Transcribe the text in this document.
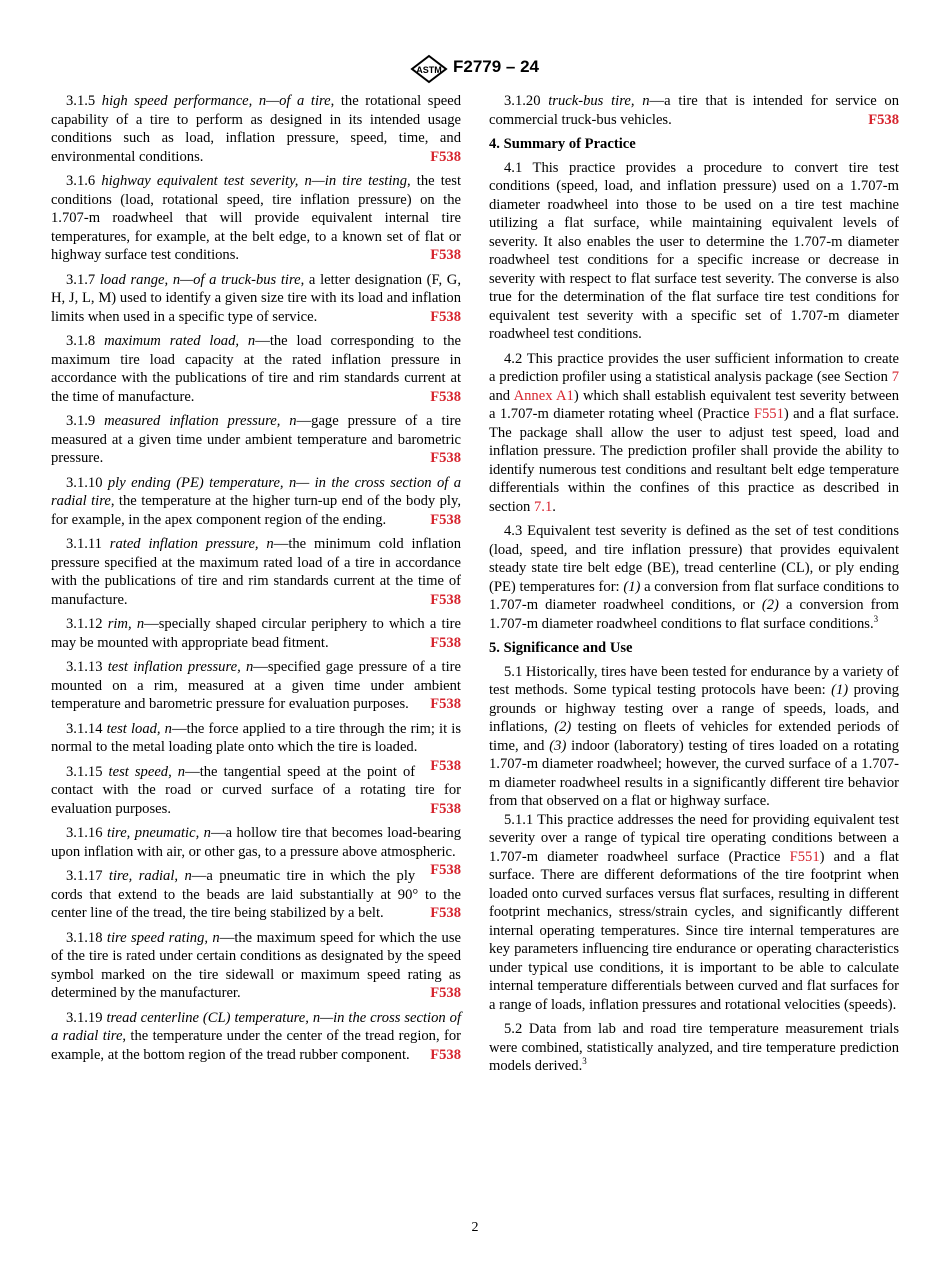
ASTM F2779 – 24

3.1.5 high speed performance, n—of a tire, the rotational speed capability of a tire to perform as designed in its intended usage conditions such as load, inflation pressure, speed, time, and environmental conditions.	F538

3.1.6 highway equivalent test severity, n—in tire testing, the test conditions (load, rotational speed, tire inflation pressure) on the 1.707-m roadwheel that will provide equivalent internal tire temperatures, for example, at the belt edge, to a known set of flat or highway surface test conditions.	F538

3.1.7 load range, n—of a truck-bus tire, a letter designation (F, G, H, J, L, M) used to identify a given size tire with its load and inflation limits when used in a specific type of service.	F538

3.1.8 maximum rated load, n—the load corresponding to the maximum tire load capacity at the rated inflation pressure in accordance with the publications of tire and rim standards current at the time of manufacture.	F538

3.1.9 measured inflation pressure, n—gage pressure of a tire measured at a given time under ambient temperature and barometric pressure.	F538

3.1.10 ply ending (PE) temperature, n— in the cross section of a radial tire, the temperature at the higher turn-up end of the body ply, for example, in the apex component region of the ending.	F538

3.1.11 rated inflation pressure, n—the minimum cold inflation pressure specified at the maximum rated load of a tire in accordance with the publications of tire and rim standards current at the time of manufacture.	F538

3.1.12 rim, n—specially shaped circular periphery to which a tire may be mounted with appropriate bead fitment.	F538

3.1.13 test inflation pressure, n—specified gage pressure of a tire mounted on a rim, measured at a given time under ambient temperature and barometric pressure for evaluation purposes.	F538

3.1.14 test load, n—the force applied to a tire through the rim; it is normal to the metal loading plate onto which the tire is loaded.
F538

3.1.15 test speed, n—the tangential speed at the point of contact with the road or curved surface of a rotating tire for evaluation purposes.	F538

3.1.16 tire, pneumatic, n—a hollow tire that becomes load-bearing upon inflation with air, or other gas, to a pressure above atmospheric.
F538

3.1.17 tire, radial, n—a pneumatic tire in which the ply cords that extend to the beads are laid substantially at 90° to the center line of the tread, the tire being stabilized by a belt.	F538

3.1.18 tire speed rating, n—the maximum speed for which the use of the tire is rated under certain conditions as designated by the speed symbol marked on the tire sidewall or maximum speed rating as determined by the manufacturer.	F538

3.1.19 tread centerline (CL) temperature, n—in the cross section of a radial tire, the temperature under the center of the tread region, for example, at the bottom region of the tread rubber component.	F538

3.1.20 truck-bus tire, n—a tire that is intended for service on commercial truck-bus vehicles.	F538

4. Summary of Practice

4.1 This practice provides a procedure to convert tire test conditions (speed, load, and inflation pressure) used on a 1.707-m diameter roadwheel into those to be used on a tire test machine utilizing a flat surface, while maintaining equivalent levels of severity. It also enables the user to determine the 1.707-m diameter roadwheel test conditions for a specific increase or decrease in severity with respect to flat surface test severity. The converse is also true for the determination of the flat surface tire test conditions for equivalent test severity with a specific set of 1.707-m diameter roadwheel test conditions.

4.2 This practice provides the user sufficient information to create a prediction profiler using a statistical analysis package (see Section 7 and Annex A1) which shall establish equivalent test severity between a 1.707-m diameter rotating wheel (Practice F551) and a flat surface. The package shall allow the user to adjust test speed, load and inflation pressure. The prediction profiler shall provide the ability to identify numerous test conditions and resultant belt edge temperature differentials within the confines of this practice as described in section 7.1.

4.3 Equivalent test severity is defined as the set of test conditions (load, speed, and tire inflation pressure) that provides equivalent steady state tire belt edge (BE), tread centerline (CL), or ply ending (PE) temperatures for: (1) a conversion from flat surface conditions to 1.707-m diameter roadwheel conditions, or (2) a conversion from 1.707-m diameter roadwheel conditions to flat surface conditions.$^3$

5. Significance and Use

5.1 Historically, tires have been tested for endurance by a variety of test methods. Some typical testing protocols have been: (1) proving grounds or highway testing over a range of speeds, loads, and inflations, (2) testing on fleets of vehicles for extended periods of time, and (3) indoor (laboratory) testing of tires loaded on a rotating 1.707-m diameter roadwheel; however, the curved surface of a 1.707-m diameter roadwheel results in a significantly different tire behavior from that observed on a flat or highway surface.

5.1.1 This practice addresses the need for providing equivalent test severity over a range of typical tire operating conditions between a 1.707-m diameter roadwheel surface (Practice F551) and a flat surface. There are different deformations of the tire footprint when loaded onto curved surfaces versus flat surfaces, resulting in different footprint mechanics, stress/strain cycles, and significantly different internal operating temperatures. Since tire internal temperatures are key parameters influencing tire endurance or operating characteristics under typical use conditions, it is important to be able to calculate internal temperature differentials between curved and flat surfaces for a range of loads, inflation pressures and rotational velocities (speeds).

5.2 Data from lab and road tire temperature measurement trials were combined, statistically analyzed, and tire temperature prediction models derived.$^3$

2
